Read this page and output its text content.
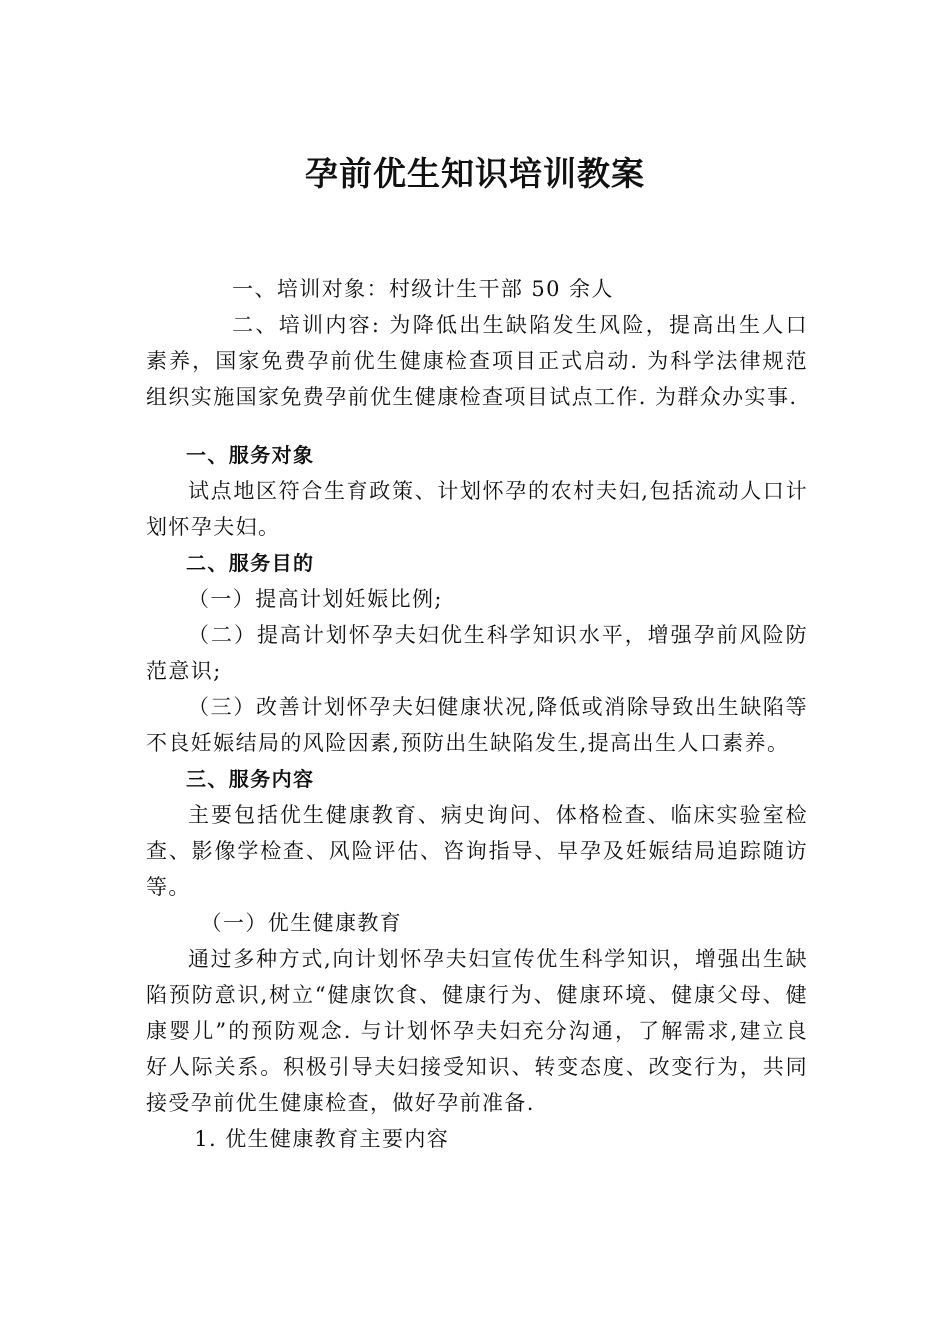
孕前优生知识培训教案

一、培训对象：村级计生干部 50 余人

二、培训内容: 为降低出生缺陷发生风险，提高出生人口素养，国家免费孕前优生健康检查项目正式启动. 为科学法律规范组织实施国家免费孕前优生健康检查项目试点工作. 为群众办实事.

一、服务对象

试点地区符合生育政策、计划怀孕的农村夫妇,包括流动人口计划怀孕夫妇。

二、服务目的

（一）提高计划妊娠比例;

（二）提高计划怀孕夫妇优生科学知识水平，增强孕前风险防范意识;

（三）改善计划怀孕夫妇健康状况,降低或消除导致出生缺陷等不良妊娠结局的风险因素,预防出生缺陷发生,提高出生人口素养。

三、服务内容

主要包括优生健康教育、病史询问、体格检查、临床实验室检查、影像学检查、风险评估、咨询指导、早孕及妊娠结局追踪随访等。

（一）优生健康教育

通过多种方式,向计划怀孕夫妇宣传优生科学知识，增强出生缺陷预防意识,树立“健康饮食、健康行为、健康环境、健康父母、健康婴儿”的预防观念. 与计划怀孕夫妇充分沟通，了解需求,建立良好人际关系。积极引导夫妇接受知识、转变态度、改变行为，共同接受孕前优生健康检查，做好孕前准备.

1. 优生健康教育主要内容
